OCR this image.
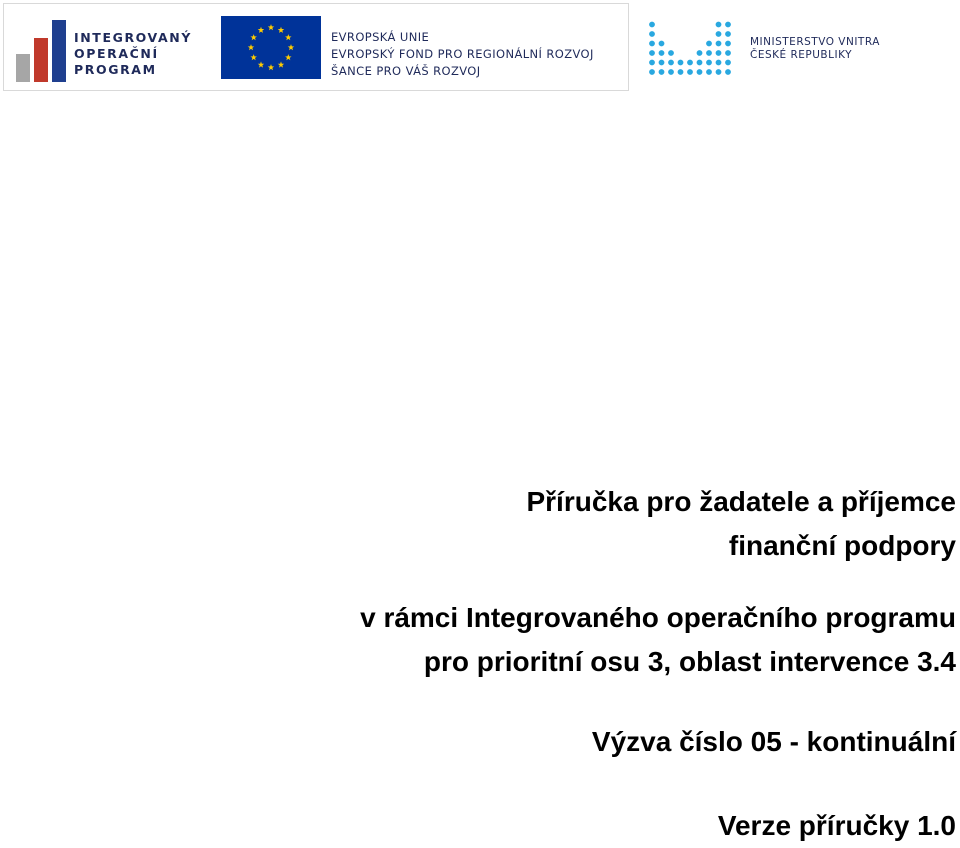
INTEGROVANÝ
OPERAČNÍ
PROGRAM
EVROPSKÁ UNIE
EVROPSKÝ FOND PRO REGIONÁLNÍ ROZVOJ
ŠANCE PRO VÁŠ ROZVOJ
MINISTERSTVO VNITRA
ČESKÉ REPUBLIKY
Příručka pro žadatele a příjemce
finanční podpory
v rámci Integrovaného operačního programu
pro prioritní osu 3, oblast intervence 3.4
Výzva číslo 05 - kontinuální
Verze příručky 1.0
